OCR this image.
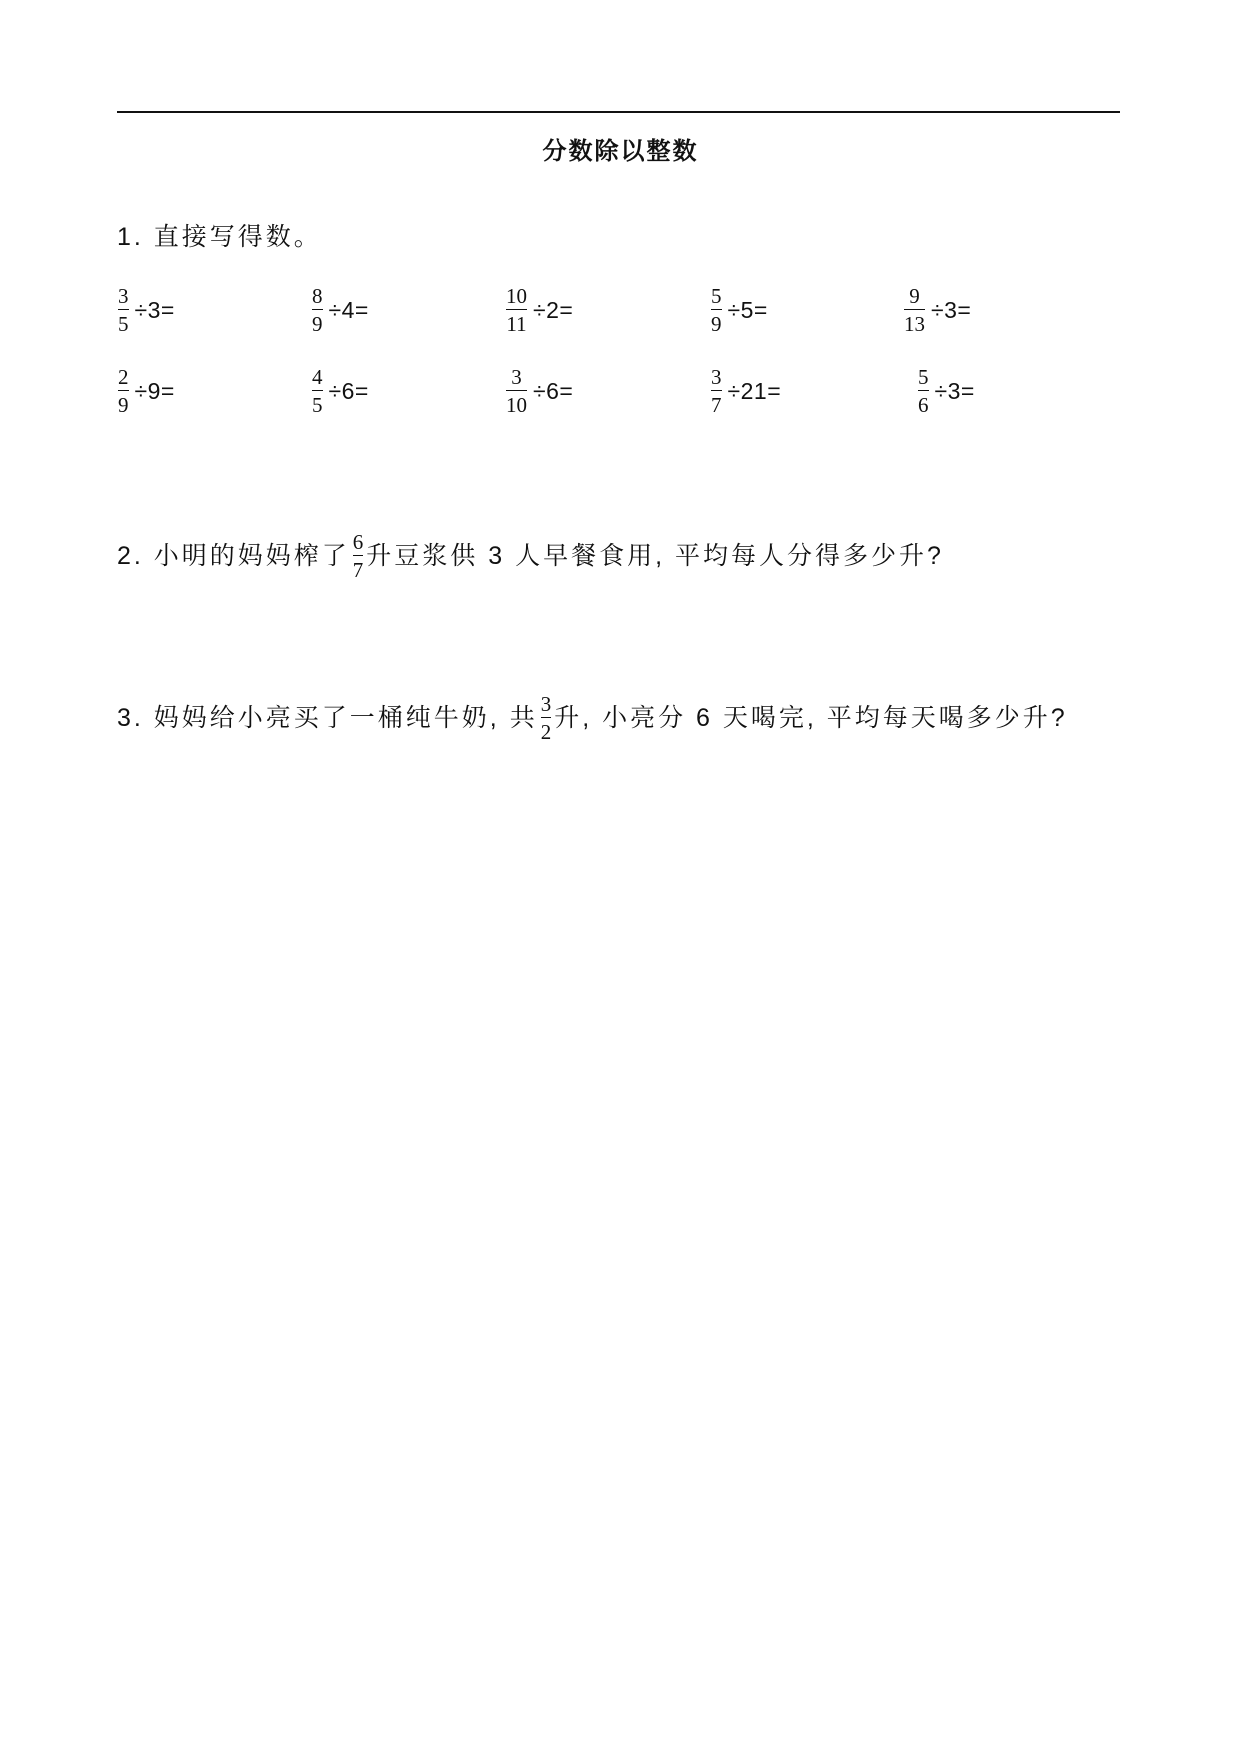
分数除以整数
1. 直接写得数。
$\frac{3}{5} \div 3=$	$\frac{8}{9} \div 4=$	$\frac{10}{11} \div 2=$	$\frac{5}{9} \div 5=$	$\frac{9}{13} \div 3=$
$\frac{2}{9} \div 9=$	$\frac{4}{5} \div 6=$	$\frac{3}{10} \div 6=$	$\frac{3}{7} \div 21=$	$\frac{5}{6} \div 3=$
2. 小明的妈妈榨了 $\frac{6}{7}$ 升豆浆供 3 人早餐食用, 平均每人分得多少升?
3. 妈妈给小亮买了一桶纯牛奶, 共 $\frac{3}{2}$ 升, 小亮分 6 天喝完, 平均每天喝多少升?
